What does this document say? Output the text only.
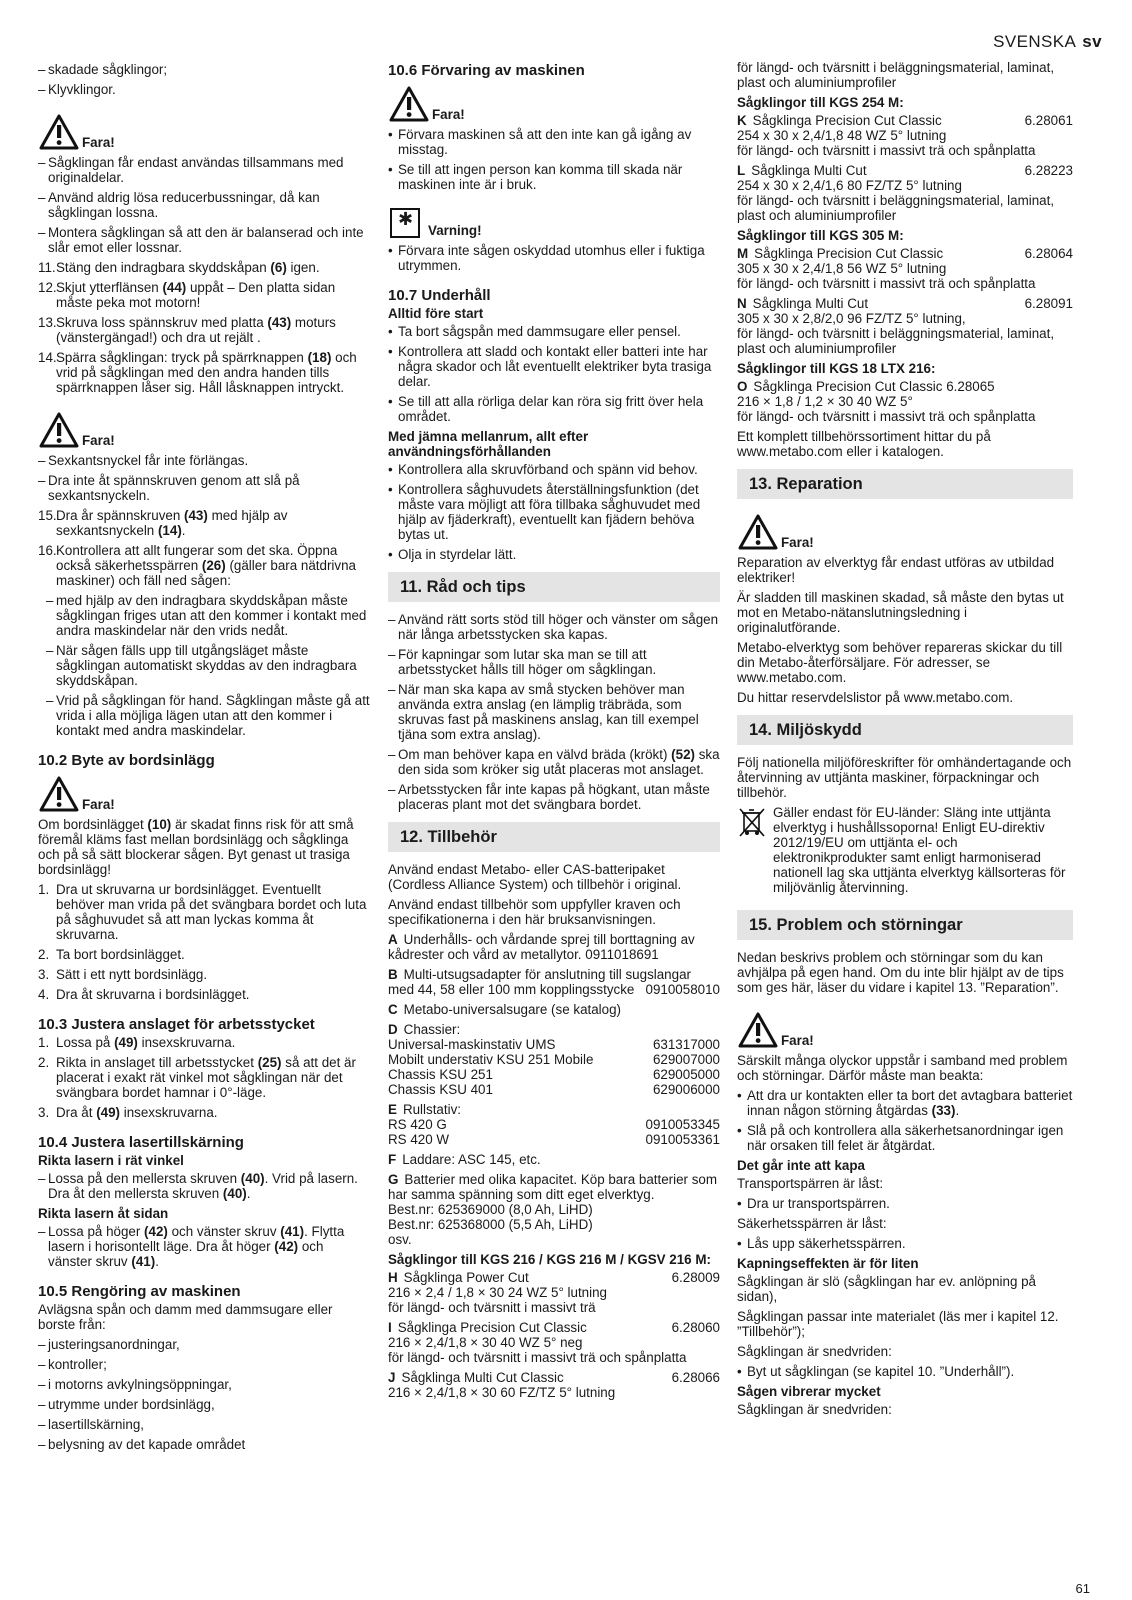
SVENSKA sv
– skadade sågklingor;
– Klyvklingor.
Fara!
– Sågklingan får endast användas tillsammans med originaldelar.
– Använd aldrig lösa reducerbussningar, då kan sågklingan lossna.
– Montera sågklingan så att den är balanserad och inte slår emot eller lossnar.
11. Stäng den indragbara skyddskåpan (6) igen.
12. Skjut ytterflänsen (44) uppåt – Den platta sidan måste peka mot motorn!
13. Skruva loss spännskruv med platta (43) moturs (vänstergängad!) och dra ut rejält .
14. Spärra sågklingan: tryck på spärrknappen (18) och vrid på sågklingan med den andra handen tills spärrknappen låser sig. Håll låsknappen intryckt.
Fara!
– Sexkantsnyckel får inte förlängas.
– Dra inte åt spännskruven genom att slå på sexkantsnyckeln.
15. Dra år spännskruven (43) med hjälp av sexkantsnyckeln (14).
16. Kontrollera att allt fungerar som det ska. Öppna också säkerhetsspärren (26) (gäller bara nätdrivna maskiner) och fäll ned sågen:
– med hjälp av den indragbara skyddskåpan måste sågklingan friges utan att den kommer i kontakt med andra maskindelar när den vrids nedåt.
– När sågen fälls upp till utgångsläget måste sågklingan automatiskt skyddas av den indragbara skyddskåpan.
– Vrid på sågklingan för hand. Sågklingan måste gå att vrida i alla möjliga lägen utan att den kommer i kontakt med andra maskindelar.
10.2 Byte av bordsinlägg
Fara!

Om bordsinlägget (10) är skadat finns risk för att små föremål kläms fast mellan bordsinlägg och sågklinga och på så sätt blockerar sågen. Byt genast ut trasiga bordsinlägg!

1. Dra ut skruvarna ur bordsinlägget. Eventuellt behöver man vrida på det svängbara bordet och luta på såghuvudet så att man lyckas komma åt skruvarna.
2. Ta bort bordsinlägget.
3. Sätt i ett nytt bordsinlägg.
4. Dra åt skruvarna i bordsinlägget.
10.3 Justera anslaget för arbetsstycket
1. Lossa på (49) insexskruvarna.
2. Rikta in anslaget till arbetsstycket (25) så att det är placerat i exakt rät vinkel mot sågklingan när det svängbara bordet hamnar i 0°-läge.
3. Dra åt (49) insexskruvarna.
10.4 Justera lasertillskärning
Rikta lasern i rät vinkel
– Lossa på den mellersta skruven (40). Vrid på lasern. Dra åt den mellersta skruven (40).
Rikta lasern åt sidan
– Lossa på höger (42) och vänster skruv (41). Flytta lasern i horisontellt läge. Dra åt höger (42) och vänster skruv (41).
10.5 Rengöring av maskinen

Avlägsna spån och damm med dammsugare eller borste från:

– justeringsanordningar,
– kontroller;
– i motorns avkylningsöppningar,
– utrymme under bordsinlägg,
– lasertillskärning,
– belysning av det kapade området
10.6 Förvaring av maskinen
Fara!
• Förvara maskinen så att den inte kan gå igång av misstag.
• Se till att ingen person kan komma till skada när maskinen inte är i bruk.
✱
Varning!
• Förvara inte sågen oskyddad utomhus eller i fuktiga utrymmen.
10.7 Underhåll
Alltid före start
• Ta bort sågspån med dammsugare eller pensel.
• Kontrollera att sladd och kontakt eller batteri inte har några skador och låt eventuellt elektriker byta trasiga delar.
• Se till att alla rörliga delar kan röra sig fritt över hela området.
Med jämna mellanrum, allt efter användningsförhållanden
• Kontrollera alla skruvförband och spänn vid behov.
• Kontrollera såghuvudets återställningsfunktion (det måste vara möjligt att föra tillbaka såghuvudet med hjälp av fjäderkraft), eventuellt kan fjädern behöva bytas ut.
• Olja in styrdelar lätt.
11. Råd och tips
– Använd rätt sorts stöd till höger och vänster om sågen när långa arbetsstycken ska kapas.
– För kapningar som lutar ska man se till att arbetsstycket hålls till höger om sågklingan.
– När man ska kapa av små stycken behöver man använda extra anslag (en lämplig träbräda, som skruvas fast på maskinens anslag, kan till exempel tjäna som extra anslag).
– Om man behöver kapa en välvd bräda (krökt) (52) ska den sida som kröker sig utåt placeras mot anslaget.
– Arbetsstycken får inte kapas på högkant, utan måste placeras plant mot det svängbara bordet.
12. Tillbehör

Använd endast Metabo- eller CAS-batteripaket (Cordless Alliance System) och tillbehör i original.

Använd endast tillbehör som uppfyller kraven och specifikationerna i den här bruksanvisningen.

A Underhålls- och vårdande sprej till borttagning av kådrester och vård av metallytor. 0911018691
B Multi-utsugsadapter för anslutning till sugslangar med 44, 58 eller 100 mm kopplingsstycke 0910058010
C Metabo-universalsugare (se katalog)
D Chassier:
Universal-maskinstativ UMS	631317000
Mobilt understativ KSU 251 Mobile	629007000
Chassis KSU 251	629005000
Chassis KSU 401	629006000
E Rullstativ:
RS 420 G	0910053345
RS 420 W	0910053361
F Laddare: ASC 145, etc.
G Batterier med olika kapacitet. Köp bara batterier som har samma spänning som ditt eget elverktyg.
Best.nr: 625369000 (8,0 Ah, LiHD)
Best.nr: 625368000 (5,5 Ah, LiHD)
osv.
Sågklingor till KGS 216 / KGS 216 M / KGSV 216 M:
H Sågklinga Power Cut	6.28009
216 × 2,4 / 1,8 × 30 24 WZ 5° lutning
för längd- och tvärsnitt i massivt trä
I Sågklinga Precision Cut Classic	6.28060
216 × 2,4/1,8 × 30 40 WZ 5° neg
för längd- och tvärsnitt i massivt trä och spånplatta
J Sågklinga Multi Cut Classic	6.28066
216 × 2,4/1,8 × 30 60 FZ/TZ 5° lutning

för längd- och tvärsnitt i beläggningsmaterial, laminat, plast och aluminiumprofiler

Sågklingor till KGS 254 M:
K Sågklinga Precision Cut Classic	6.28061
254 x 30 x 2,4/1,8 48 WZ 5° lutning
för längd- och tvärsnitt i massivt trä och spånplatta
L Sågklinga Multi Cut	6.28223
254 x 30 x 2,4/1,6 80 FZ/TZ 5° lutning
för längd- och tvärsnitt i beläggningsmaterial, laminat, plast och aluminiumprofiler
Sågklingor till KGS 305 M:
M Sågklinga Precision Cut Classic	6.28064
305 x 30 x 2,4/1,8 56 WZ 5° lutning
för längd- och tvärsnitt i massivt trä och spånplatta
N Sågklinga Multi Cut	6.28091
305 x 30 x 2,8/2,0 96 FZ/TZ 5° lutning,
för längd- och tvärsnitt i beläggningsmaterial, laminat, plast och aluminiumprofiler
Sågklingor till KGS 18 LTX 216:
O Sågklinga Precision Cut Classic 6.28065
216 × 1,8 / 1,2 × 30 40 WZ 5°
för längd- och tvärsnitt i massivt trä och spånplatta

Ett komplett tillbehörssortiment hittar du på www.metabo.com eller i katalogen.

13. Reparation
Fara!

Reparation av elverktyg får endast utföras av utbildad elektriker!

Är sladden till maskinen skadad, så måste den bytas ut mot en Metabo-nätanslutningsledning i originalutförande.

Metabo-elverktyg som behöver repareras skickar du till din Metabo-återförsäljare. För adresser, se www.metabo.com.

Du hittar reservdelslistor på www.metabo.com.

14. Miljöskydd

Följ nationella miljöföreskrifter för omhändertagande och återvinning av uttjänta maskiner, förpackningar och tillbehör.

Gäller endast för EU-länder: Släng inte uttjänta elverktyg i hushållssoporna! Enligt EU-direktiv 2012/19/EU om uttjänta el- och elektronikprodukter samt enligt harmoniserad nationell lag ska uttjänta elverktyg källsorteras för miljövänlig återvinning.

15. Problem och störningar

Nedan beskrivs problem och störningar som du kan avhjälpa på egen hand. Om du inte blir hjälpt av de tips som ges här, läser du vidare i kapitel 13. ”Reparation”.

Fara!

Särskilt många olyckor uppstår i samband med problem och störningar. Därför måste man beakta:

• Att dra ur kontakten eller ta bort det avtagbara batteriet innan någon störning åtgärdas (33).
• Slå på och kontrollera alla säkerhetsanordningar igen när orsaken till felet är åtgärdat.
Det går inte att kapa

Transportspärren är låst:

• Dra ur transportspärren.

Säkerhetsspärren är låst:

• Lås upp säkerhetsspärren.
Kapningseffekten är för liten

Sågklingan är slö (sågklingan har ev. anlöpning på sidan),

Sågklingan passar inte materialet (läs mer i kapitel 12. ”Tillbehör”);

Sågklingan är snedvriden:

• Byt ut sågklingan (se kapitel 10. ”Underhåll”).
Sågen vibrerar mycket

Sågklingan är snedvriden:

61
